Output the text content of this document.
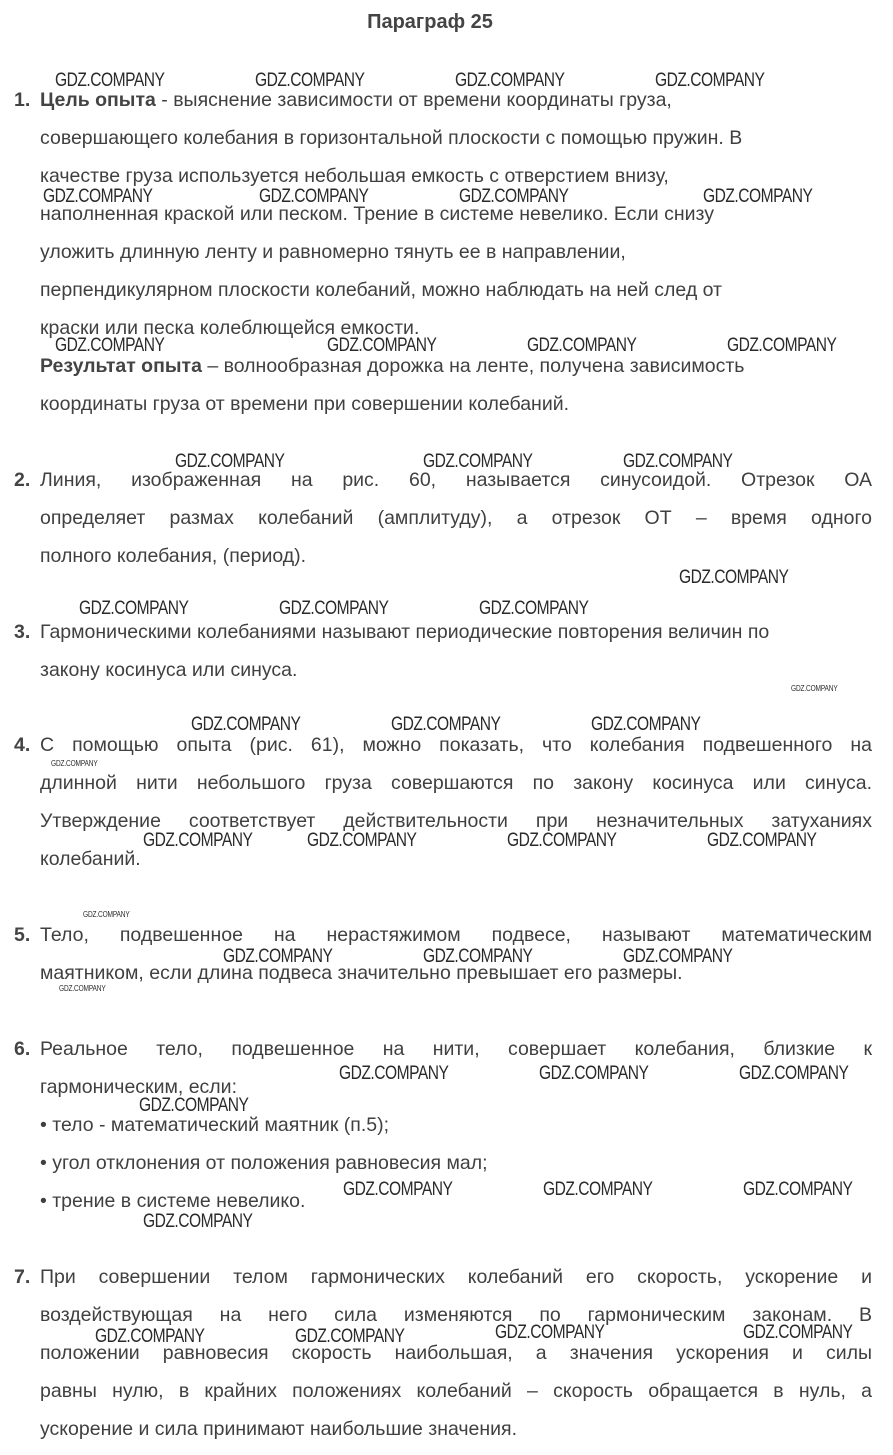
Параграф 25
1. Цель опыта - выяснение зависимости от времени координаты груза,
совершающего колебания в горизонтальной плоскости с помощью пружин. В
качестве груза используется небольшая емкость с отверстием внизу,
наполненная краской или песком. Трение в системе невелико. Если снизу
уложить длинную ленту и равномерно тянуть ее в направлении,
перпендикулярном плоскости колебаний, можно наблюдать на ней след от
краски или песка колеблющейся емкости.
Результат опыта – волнообразная дорожка на ленте, получена зависимость
координаты груза от времени при совершении колебаний.
2. Линия, изображенная на рис. 60, называется синусоидой. Отрезок ОА
определяет размах колебаний (амплитуду), а отрезок ОТ – время одного
полного колебания, (период).
3. Гармоническими колебаниями называют периодические повторения величин по
закону косинуса или синуса.
4. С помощью опыта (рис. 61), можно показать, что колебания подвешенного на
длинной нити небольшого груза совершаются по закону косинуса или синуса.
Утверждение соответствует действительности при незначительных затуханиях
колебаний.
5. Тело, подвешенное на нерастяжимом подвесе, называют математическим
маятником, если длина подвеса значительно превышает его размеры.
6. Реальное тело, подвешенное на нити, совершает колебания, близкие к
гармоническим, если:
• тело - математический маятник (п.5);
• угол отклонения от положения равновесия мал;
• трение в системе невелико.
7. При совершении телом гармонических колебаний его скорость, ускорение и
воздействующая на него сила изменяются по гармоническим законам. В
положении равновесия скорость наибольшая, а значения ускорения и силы
равны нулю, в крайних положениях колебаний – скорость обращается в нуль, а
ускорение и сила принимают наибольшие значения.
GDZ.COMPANY	GDZ.COMPANY	GDZ.COMPANY	GDZ.COMPANY
GDZ.COMPANY	GDZ.COMPANY	GDZ.COMPANY	GDZ.COMPANY
GDZ.COMPANY	GDZ.COMPANY	GDZ.COMPANY	GDZ.COMPANY
GDZ.COMPANY	GDZ.COMPANY	GDZ.COMPANY
GDZ.COMPANY
GDZ.COMPANY	GDZ.COMPANY	GDZ.COMPANY
GDZ.COMPANY
GDZ.COMPANY	GDZ.COMPANY	GDZ.COMPANY
GDZ.COMPANY
GDZ.COMPANY	GDZ.COMPANY	GDZ.COMPANY	GDZ.COMPANY
GDZ.COMPANY
GDZ.COMPANY	GDZ.COMPANY	GDZ.COMPANY
GDZ.COMPANY
GDZ.COMPANY	GDZ.COMPANY	GDZ.COMPANY
GDZ.COMPANY
GDZ.COMPANY	GDZ.COMPANY	GDZ.COMPANY
GDZ.COMPANY
GDZ.COMPANY	GDZ.COMPANY	GDZ.COMPANY	GDZ.COMPANY
